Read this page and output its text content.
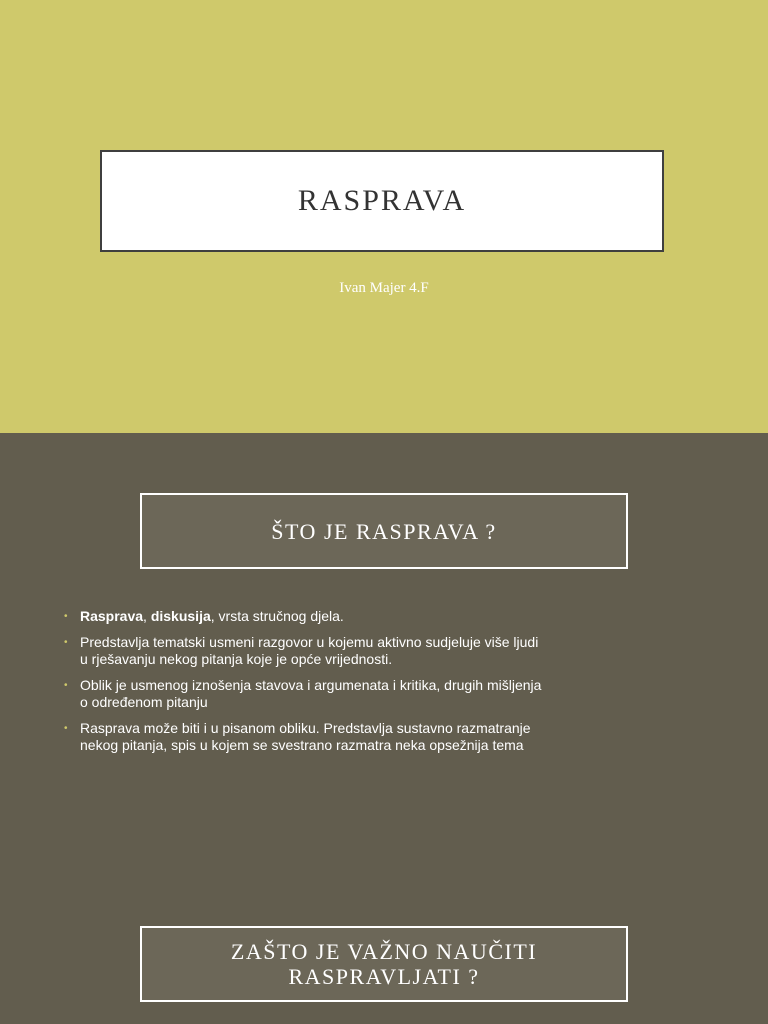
RASPRAVA
Ivan Majer 4.F
ŠTO JE RASPRAVA ?
• Rasprava, diskusija, vrsta stručnog djela.
• Predstavlja tematski usmeni razgovor u kojemu aktivno sudjeluje više ljudi u rješavanju nekog pitanja koje je opće vrijednosti.
• Oblik je usmenog iznošenja stavova i argumenata i kritika, drugih mišljenja o određenom pitanju
• Rasprava može biti i u pisanom obliku. Predstavlja sustavno razmatranje nekog pitanja, spis u kojem se svestrano razmatra neka opsežnija tema
ZAŠTO JE VAŽNO NAUČITI
RASPRAVLJATI ?
